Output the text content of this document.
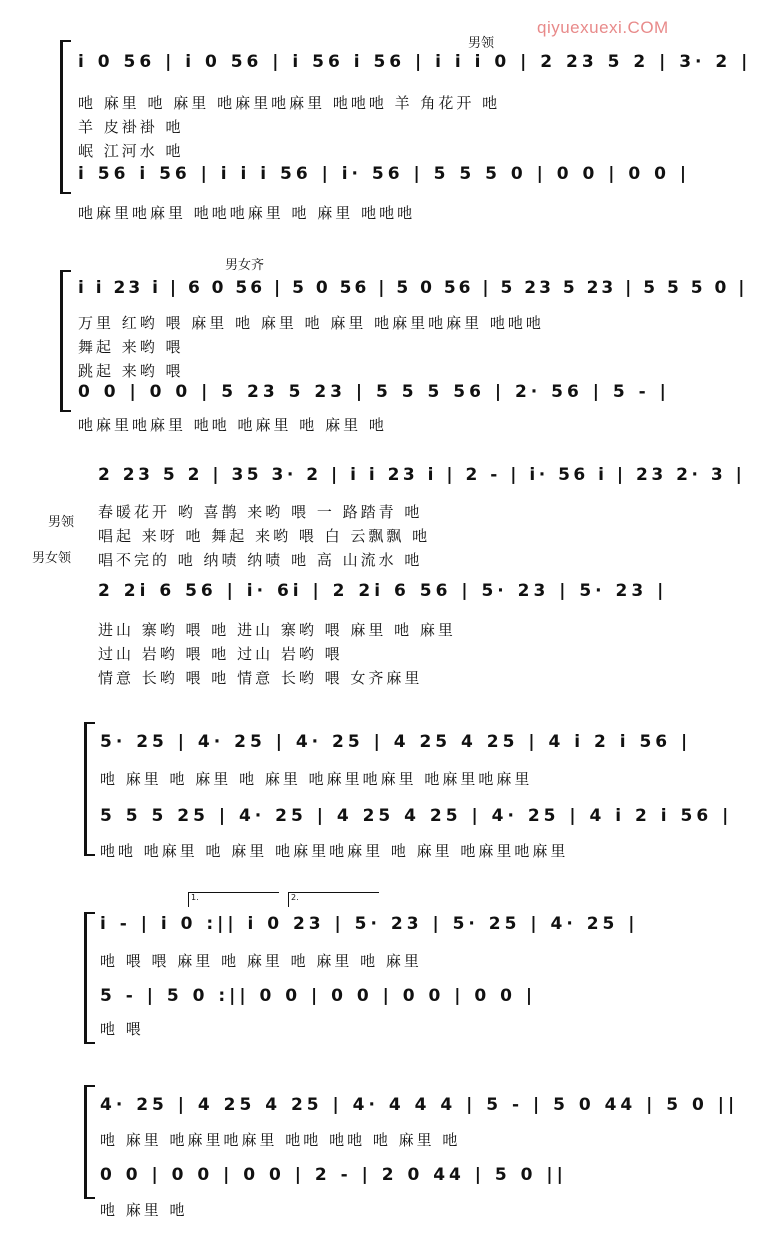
qiyuexuexi.COM
男领
i 0 56 | i 0 56 | i 56 i 56 | i i i 0 | 2 23 5 2 | 3· 2 |
吔 麻里 吔 麻里 吔麻里吔麻里 吔吔吔 羊 角花开 吔
羊 皮褂褂 吔
岷 江河水 吔
i 56 i 56 | i i i 56 | i· 56 | 5 5 5 0 | 0 0 | 0 0 |
吔麻里吔麻里 吔吔吔麻里 吔 麻里 吔吔吔
男女齐
i i 23 i | 6 0 56 | 5 0 56 | 5 0 56 | 5 23 5 23 | 5 5 5 0 |
万里 红哟 喂 麻里 吔 麻里 吔 麻里 吔麻里吔麻里 吔吔吔
舞起 来哟 喂
跳起 来哟 喂
0 0 | 0 0 | 5 23 5 23 | 5 5 5 56 | 2· 56 | 5 - |
吔麻里吔麻里 吔吔 吔麻里 吔 麻里 吔
男领
男女领
2 23 5 2 | 35 3· 2 | i i 23 i | 2 - | i· 56 i | 23 2· 3 |
春暖花开 哟 喜鹊 来哟 喂 一 路踏青 吔
唱起 来呀 吔 舞起 来哟 喂 白 云飘飘 吔
唱不完的 吔 纳啧 纳啧 吔 高 山流水 吔
2 2i 6 56 | i· 6i | 2 2i 6 56 | 5· 23 | 5· 23 |
进山 寨哟 喂 吔 进山 寨哟 喂 麻里 吔 麻里
过山 岩哟 喂 吔 过山 岩哟 喂
情意 长哟 喂 吔 情意 长哟 喂 女齐麻里
5· 25 | 4· 25 | 4· 25 | 4 25 4 25 | 4 i 2 i 56 |
吔 麻里 吔 麻里 吔 麻里 吔麻里吔麻里 吔麻里吔麻里
5 5 5 25 | 4· 25 | 4 25 4 25 | 4· 25 | 4 i 2 i 56 |
吔吔 吔麻里 吔 麻里 吔麻里吔麻里 吔 麻里 吔麻里吔麻里
1.	2.
i - | i 0 :|| i 0 23 | 5· 23 | 5· 25 | 4· 25 |
吔 喂 喂 麻里 吔 麻里 吔 麻里 吔 麻里
5 - | 5 0 :|| 0 0 | 0 0 | 0 0 | 0 0 |
吔 喂
4· 25 | 4 25 4 25 | 4· 4 4 4 | 5 - | 5 0 44 | 5 0 ||
吔 麻里 吔麻里吔麻里 吔吔 吔吔 吔 麻里 吔
0 0 | 0 0 | 0 0 | 2 - | 2 0 44 | 5 0 ||
吔 麻里 吔
